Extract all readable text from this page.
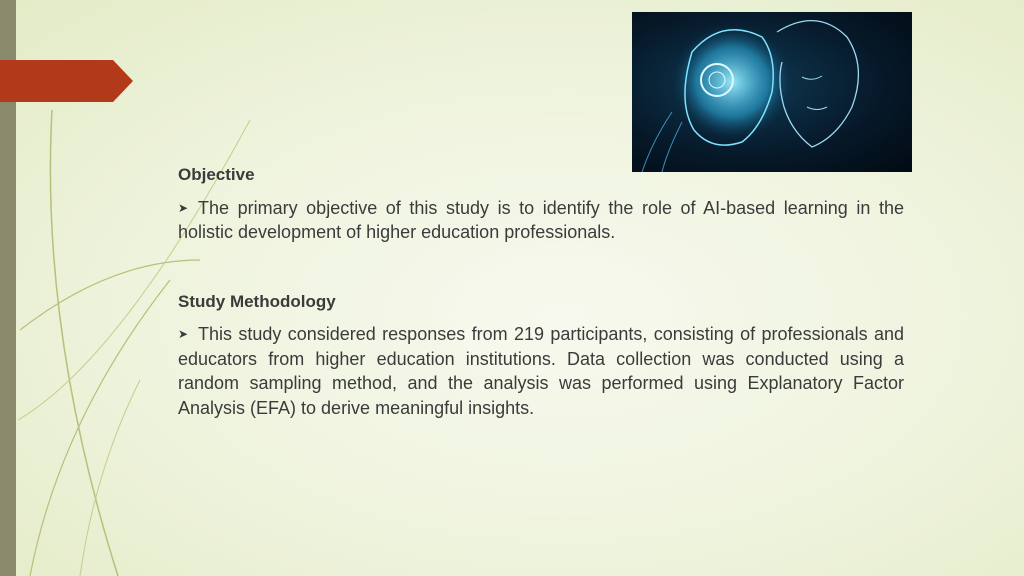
Objective

➤ The primary objective of this study is to identify the role of AI-based learning in the holistic development of higher education professionals.

Study Methodology

➤ This study considered responses from 219 participants, consisting of professionals and educators from higher education institutions. Data collection was conducted using a random sampling method, and the analysis was performed using Explanatory Factor Analysis (EFA) to derive meaningful insights.
